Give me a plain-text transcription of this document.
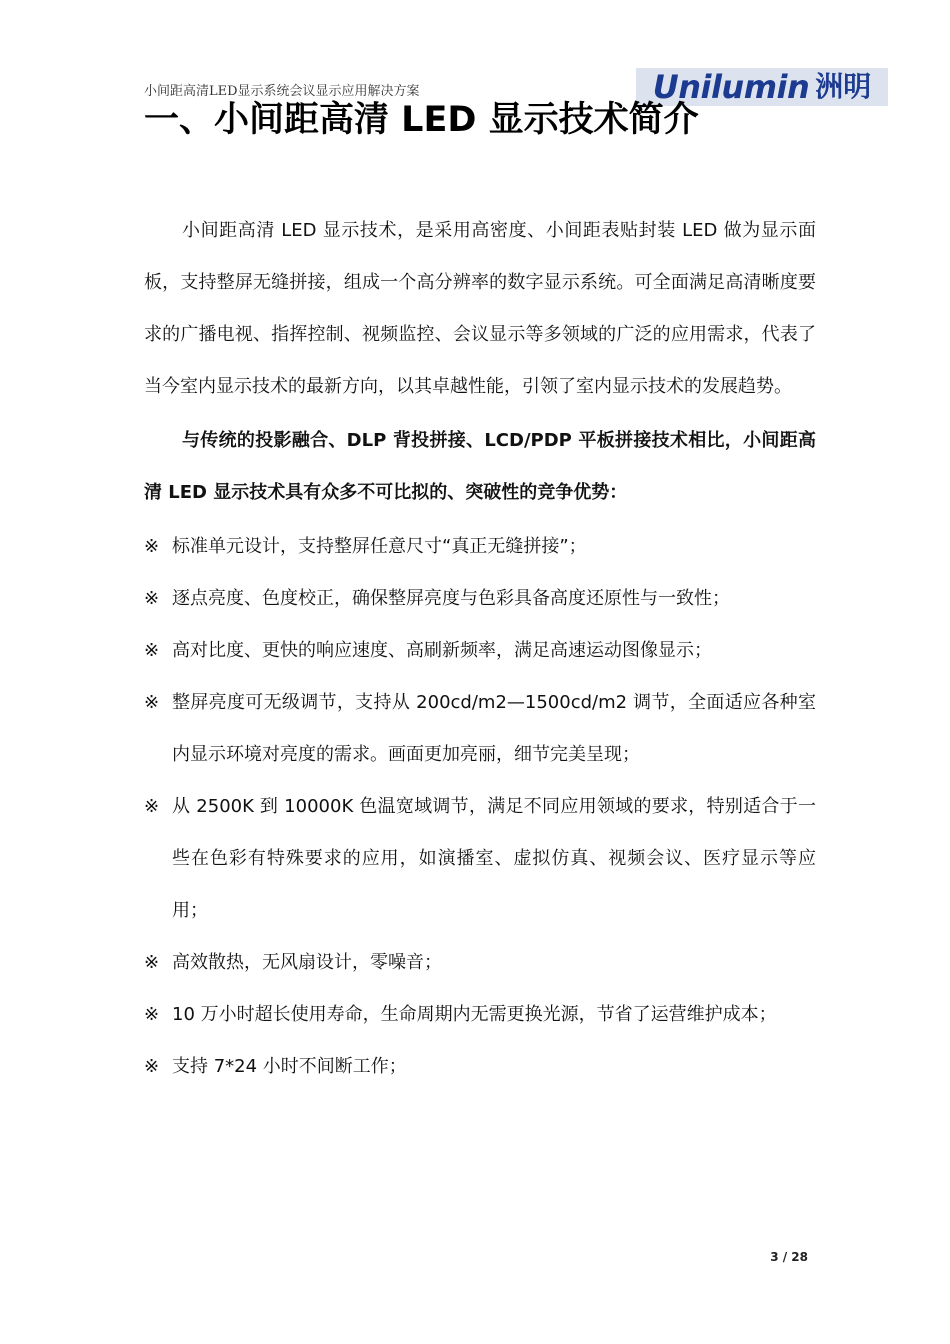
小间距高清LED显示系统会议显示应用解决方案	Unilumin 洲明
一、小间距高清 LED 显示技术简介

小间距高清 LED 显示技术，是采用高密度、小间距表贴封装 LED 做为显示面板，支持整屏无缝拼接，组成一个高分辨率的数字显示系统。可全面满足高清晰度要求的广播电视、指挥控制、视频监控、会议显示等多领域的广泛的应用需求，代表了当今室内显示技术的最新方向，以其卓越性能，引领了室内显示技术的发展趋势。

与传统的投影融合、DLP 背投拼接、LCD/PDP 平板拼接技术相比，小间距高清 LED 显示技术具有众多不可比拟的、突破性的竞争优势：

※ 标准单元设计，支持整屏任意尺寸“真正无缝拼接”；
※ 逐点亮度、色度校正，确保整屏亮度与色彩具备高度还原性与一致性；
※ 高对比度、更快的响应速度、高刷新频率，满足高速运动图像显示；
※ 整屏亮度可无级调节，支持从 200cd/m2—1500cd/m2 调节，全面适应各种室内显示环境对亮度的需求。画面更加亮丽，细节完美呈现；
※ 从 2500K 到 10000K 色温宽域调节，满足不同应用领域的要求，特别适合于一些在色彩有特殊要求的应用，如演播室、虚拟仿真、视频会议、医疗显示等应用；
※ 高效散热，无风扇设计，零噪音；
※ 10 万小时超长使用寿命，生命周期内无需更换光源，节省了运营维护成本；
※ 支持 7*24 小时不间断工作；
3 / 28
